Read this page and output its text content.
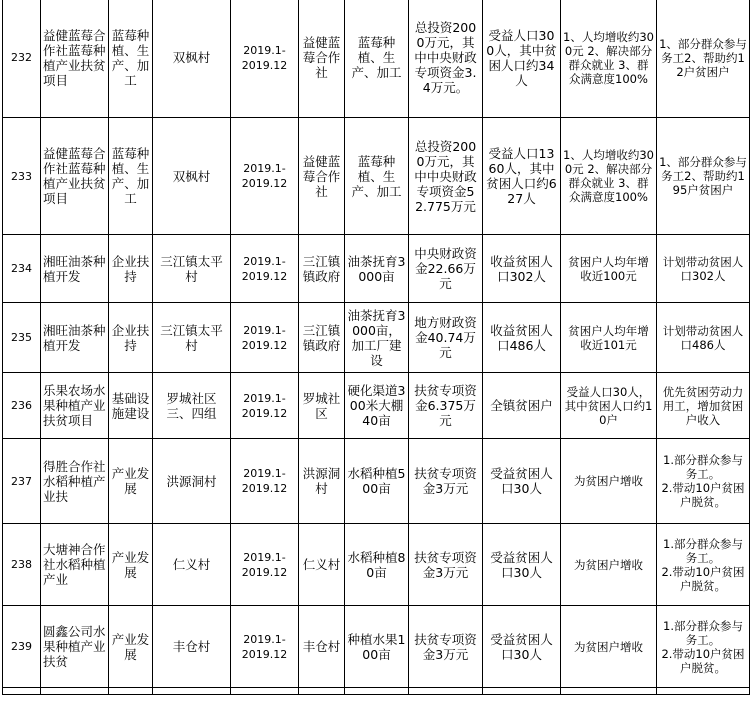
232	益健蓝莓合作社蓝莓种植产业扶贫项目	蓝莓种植、生产、加工	双枫村	2019.1-
2019.12	益健蓝莓合作社	蓝莓种植、生产、加工	总投资2000万元，其中中央财政专项资金3.4万元。	受益人口300人，其中贫困人口约34人	1、人均增收约300元 2、解决部分群众就业 3、群众满意度100%	1、部分群众参与务工2、帮助约12户贫困户

233	益健蓝莓合作社蓝莓种植产业扶贫项目	蓝莓种植、生产、加工	双枫村	2019.1-
2019.12	益健蓝莓合作社	蓝莓种植、生产、加工	总投资2000万元，其中中央财政专项资金52.775万元	受益人口1360人，其中贫困人口约627人	1、人均增收约300元 2、解决部分群众就业 3、群众满意度100%	1、部分群众参与务工2、帮助约195户贫困户

234	湘旺油茶种植开发	企业扶持	三江镇太平村	2019.1-
2019.12	三江镇镇政府	油茶抚育3000亩	中央财政资金22.66万元	收益贫困人口302人	贫困户人均年增收近100元	计划带动贫困人口302人

235	湘旺油茶种植开发	企业扶持	三江镇太平村	2019.1-
2019.12	三江镇镇政府	油茶抚育3000亩，加工厂建设	地方财政资金40.74万元	收益贫困人口486人	贫困户人均年增收近101元	计划带动贫困人口486人

236	乐果农场水果种植产业扶贫项目	基础设施建设	罗城社区三、四组	2019.1-
2019.12	罗城社区	硬化渠道300米大棚40亩	扶贫专项资金6.375万元	全镇贫困户	受益人口30人，其中贫困人口约10户	优先贫困劳动力用工，增加贫困户收入

237	得胜合作社水稻种植产业扶	产业发展	洪源洞村	2019.1-
2019.12	洪源洞村	水稻种植500亩	扶贫专项资金3万元	受益贫困人口30人	为贫困户增收	1.部分群众参与务工。
2.带动10户贫困户脱贫。

238	大塘神合作社水稻种植产业	产业发展	仁义村	2019.1-
2019.12	仁义村	水稻种植80亩	扶贫专项资金3万元	受益贫困人口30人	为贫困户增收	1.部分群众参与务工。
2.带动10户贫困户脱贫。

239	圆鑫公司水果种植产业扶贫	产业发展	丰仓村	2019.1-
2019.12	丰仓村	种植水果100亩	扶贫专项资金3万元	受益贫困人口30人	为贫困户增收	1.部分群众参与务工。
2.带动10户贫困户脱贫。
